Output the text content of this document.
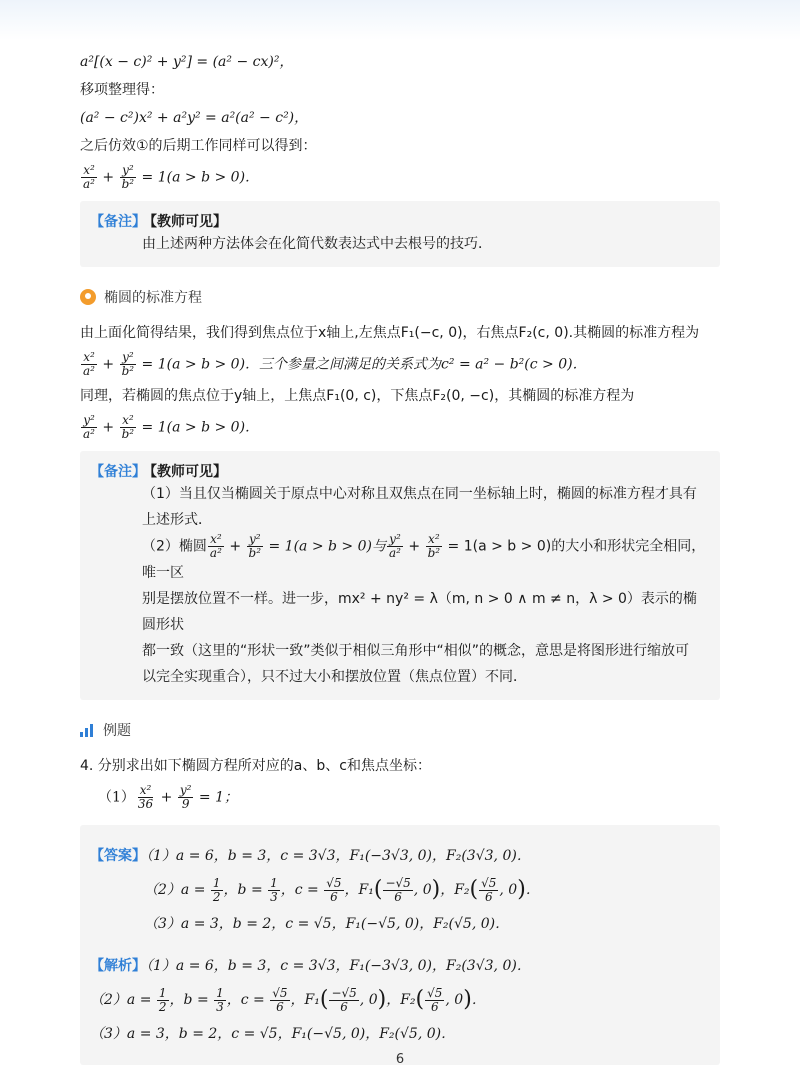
a²[(x − c)² + y²] = (a² − cx)²，

移项整理得：

(a² − c²)x² + a²y² = a²(a² − c²)，

之后仿效①的后期工作同样可以得到：

$\frac{\text{x²}}{\text{a²}} + \frac{\text{y²}}{\text{b²}} = 1(a > b > 0)$．

【备注】 【教师可见】

由上述两种方法体会在化简代数表达式中去根号的技巧．

椭圆的标准方程

由上面化简得结果，我们得到焦点位于x轴上,左焦点F₁(−c, 0)，右焦点F₂(c, 0).其椭圆的标准方程为

$\frac{\text{x²}}{\text{a²}} + \frac{\text{y²}}{\text{b²}} = 1(a > b > 0)$．三个参量之间满足的关系式为c² = a² − b²(c > 0)．

同理，若椭圆的焦点位于y轴上，上焦点F₁(0, c)，下焦点F₂(0, −c)，其椭圆的标准方程为

$\frac{\text{y²}}{\text{a²}} + \frac{\text{x²}}{\text{b²}} = 1(a > b > 0)$．

【备注】 【教师可见】

（1）当且仅当椭圆关于原点中心对称且双焦点在同一坐标轴上时，椭圆的标准方程才具有

上述形式．

（2）椭圆 $\frac{\text{x²}}{\text{a²}} + \frac{\text{y²}}{\text{b²}} = 1(a > b > 0)$与 $\frac{\text{y²}}{\text{a²}} + \frac{\text{x²}}{\text{b²}} = 1(a > b > 0)$的大小和形状完全相同，唯一区

别是摆放位置不一样。进一步，mx² + ny² = λ（m, n > 0 ∧ m ≠ n，λ > 0）表示的椭圆形状

都一致（这里的“形状一致”类似于相似三角形中“相似”的概念，意思是将图形进行缩放可

以完全实现重合），只不过大小和摆放位置（焦点位置）不同．

例题

4. 分别求出如下椭圆方程所对应的a、b、c和焦点坐标：

$(1) \frac{\text{x²}}{36} + \frac{\text{y²}}{9} = 1$；

【答案】（1）a = 6，b = 3，c = 3√3，F₁(−3√3, 0)，F₂(3√3, 0)．
$(2)a = \frac{1}{2}$ ，$b = \frac{1}{3}$ ，$c = \frac{√5}{6}$ ，$F_1( \frac{-√5}{6}$ , 0)，$F_2( \frac{√5}{6}$ , 0)．
（3）a = 3，b = 2，c = √5，F₁(−√5, 0)，F₂(√5, 0)．
【解析】（1）a = 6，b = 3，c = 3√3，F₁(−3√3, 0)，F₂(3√3, 0)．
$(2)a = \frac{1}{2}$ ，$b = \frac{1}{3}$ ，$c = \frac{√5}{6}$ ，$F_1( \frac{-√5}{6}$ , 0)，$F_2( \frac{√5}{6}$ , 0)．
（3）a = 3，b = 2，c = √5，F₁(−√5, 0)，F₂(√5, 0)．
6
